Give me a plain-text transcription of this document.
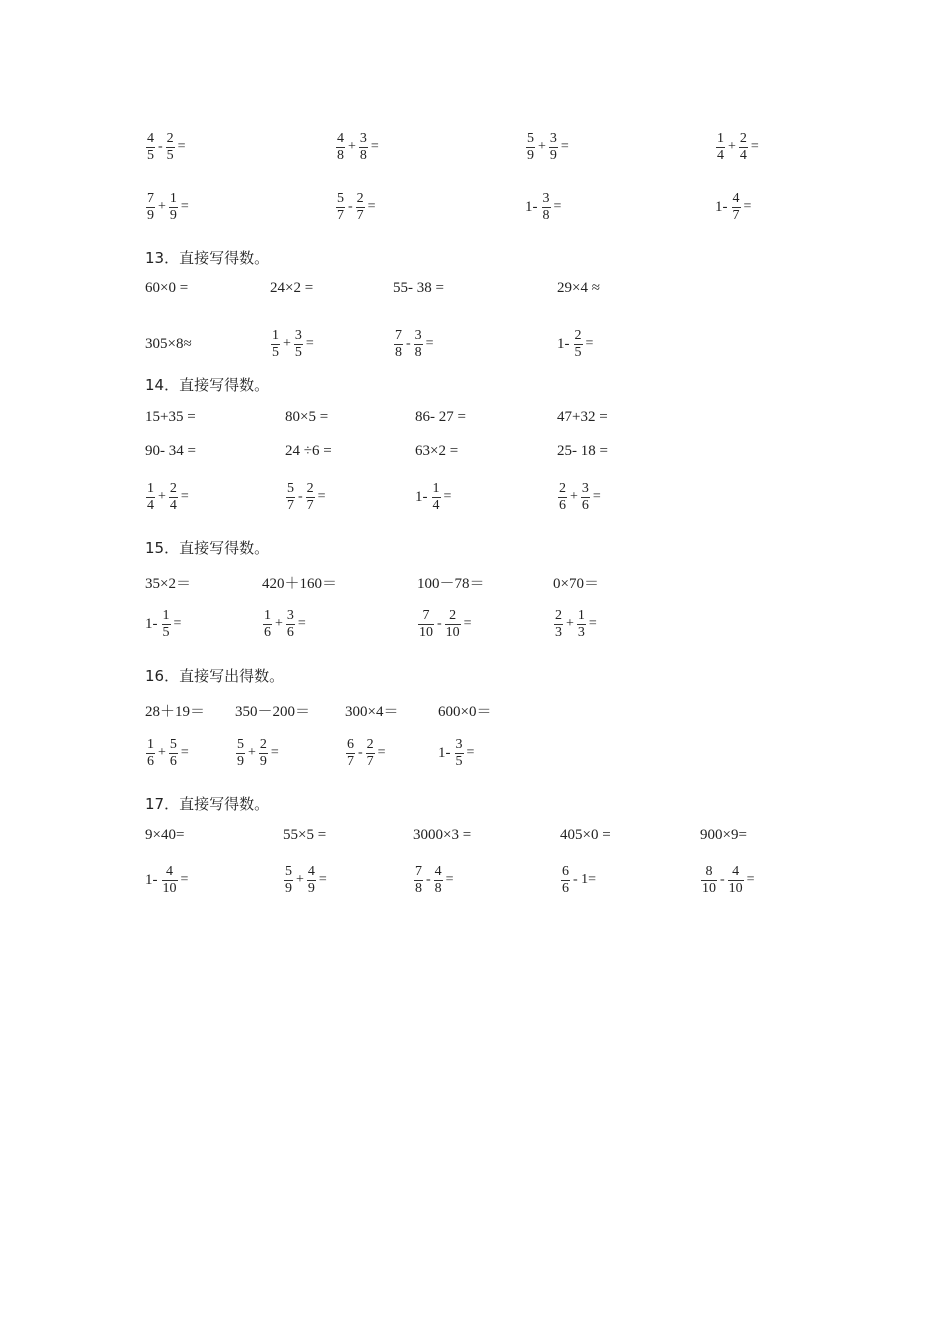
$\frac{4}{5} - \frac{2}{5}$ =	$\frac{4}{8} + \frac{3}{8}$ =	$\frac{5}{9} + \frac{3}{9}$ =	$\frac{1}{4} + \frac{2}{4}$ =
$\frac{7}{9} + \frac{1}{9}$ =	$\frac{5}{7} - \frac{2}{7}$ =	$1- \frac{3}{8}$ =	$1- \frac{4}{7}$ =
13．直接写得数。
60×0 =	24×2 =	55- 38 =	29×4 ≈
305×8≈	$\frac{1}{5} + \frac{3}{5}$ =	$\frac{7}{8} - \frac{3}{8}$ =	$1- \frac{2}{5}$ =
14．直接写得数。
15+35 =	80×5 =	86- 27 =	47+32 =
90- 34 =	24 ÷6 =	63×2 =	25- 18 =
$\frac{1}{4} + \frac{2}{4}$ =	$\frac{5}{7} - \frac{2}{7}$ =	$1- \frac{1}{4}$ =	$\frac{2}{6} + \frac{3}{6}$ =
15．直接写得数。
35×2＝	420＋160＝	100－78＝	0×70＝
$1- \frac{1}{5}$ =	$\frac{1}{6} + \frac{3}{6}$ =	$\frac{7}{10} - \frac{2}{10}$ =	$\frac{2}{3} + \frac{1}{3}$ =
16．直接写出得数。
28＋19＝ 350－200＝ 300×4＝	600×0＝
$\frac{1}{6} + \frac{5}{6}$ =	$\frac{5}{9} + \frac{2}{9}$ =	$\frac{6}{7} - \frac{2}{7}$ =	$1- \frac{3}{5}$ =
17．直接写得数。
9×40=	55×5 =	3000×3 =	405×0 =	900×9=
$1- \frac{4}{10}$ =	$\frac{5}{9} + \frac{4}{9}$ =	$\frac{7}{8} - \frac{4}{8}$ =	$\frac{6}{6} - 1=$	$\frac{8}{10} - \frac{4}{10}$ =
